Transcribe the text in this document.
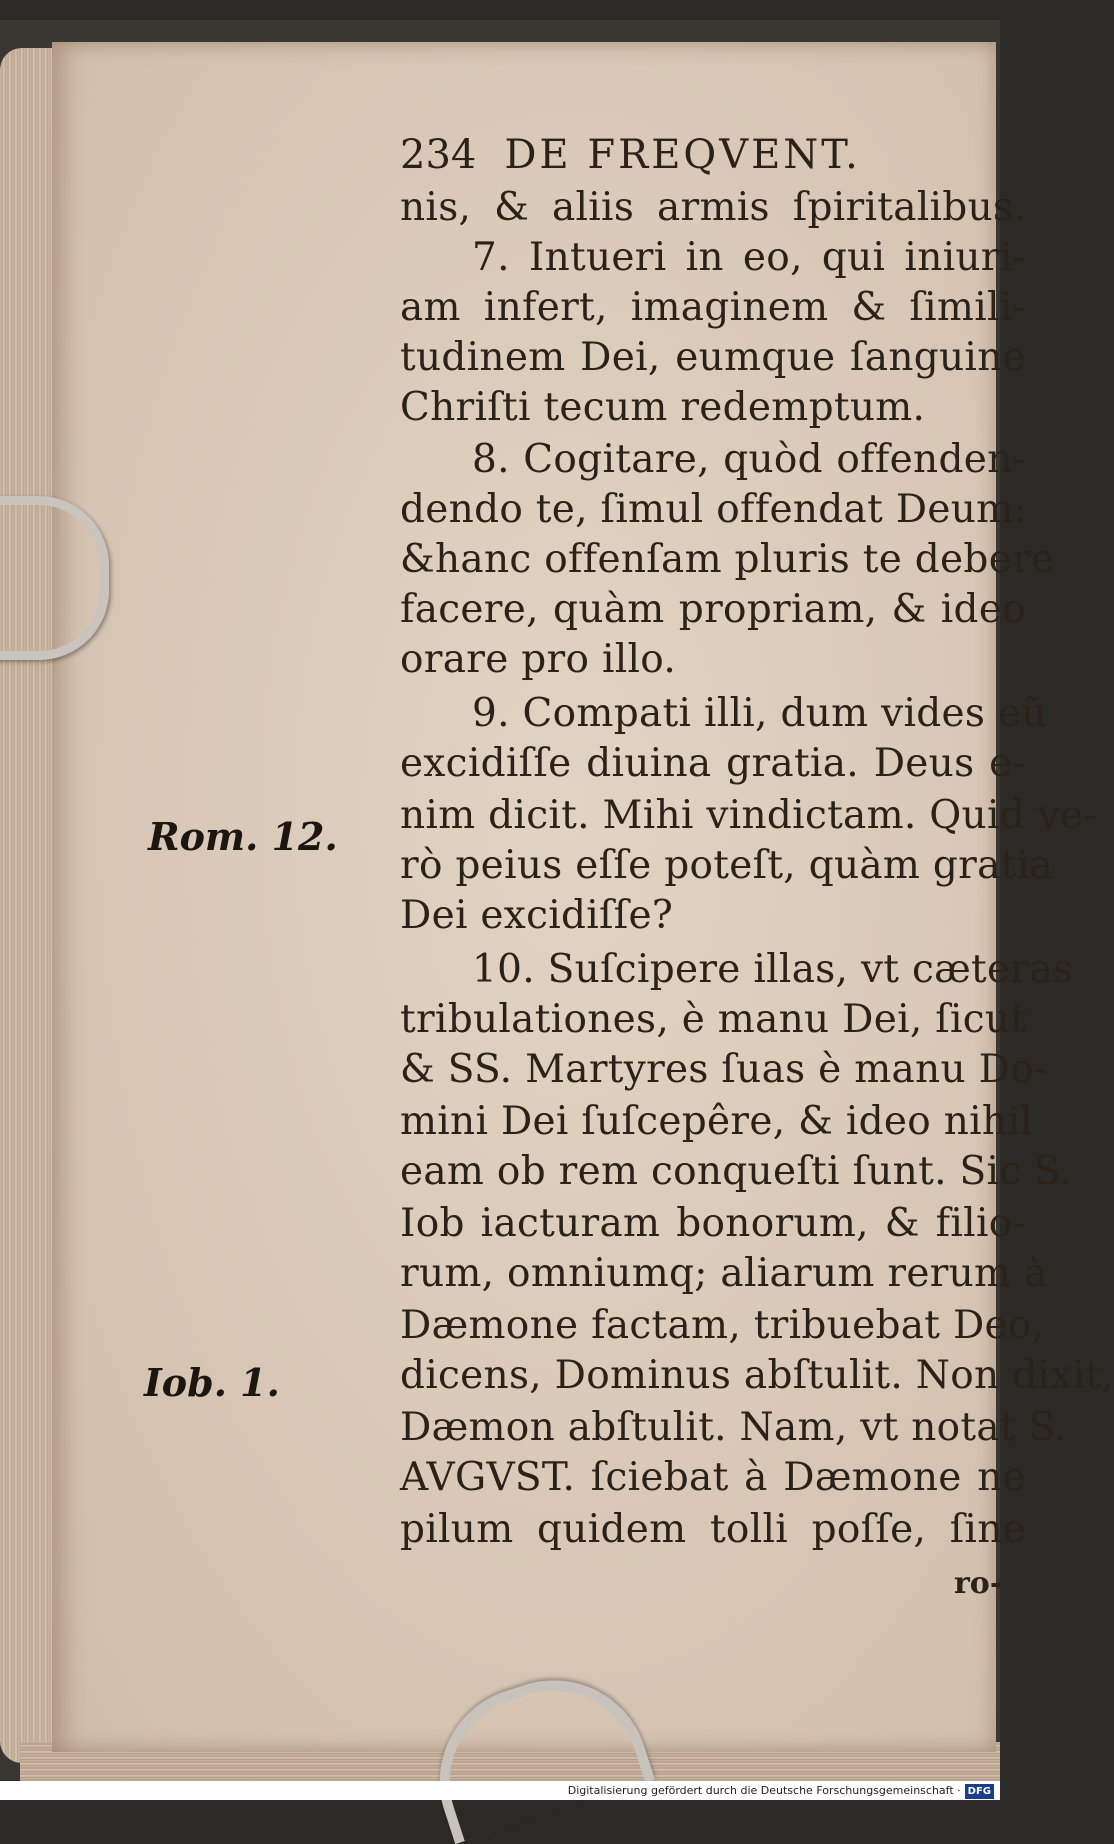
234 DE FREQVENT.
nis, & aliis armis ſpiritalibus.
7. Intueri in eo, qui iniuri-
am infert, imaginem & ſimili-
tudinem Dei, eumque ſanguine
Chriſti tecum redemptum.
8. Cogitare, quòd offenden-
dendo te, ſimul offendat Deum:
&hanc offenſam pluris te debere
facere, quàm propriam, & ideo
orare pro illo.
9. Compati illi, dum vides eũ
excidiſſe diuina gratia. Deus e-
nim dicit. Mihi vindictam. Quid ve-
rò peius eſſe poteſt, quàm gratia
Dei excidiſſe?
10. Suſcipere illas, vt cæteras
tribulationes, è manu Dei, ſicut
& SS. Martyres ſuas è manu Do-
mini Dei ſuſcepêre, & ideo nihil
eam ob rem conqueſti ſunt. Sic S.
Iob iacturam bonorum, & filio-
rum, omniumq; aliarum rerum à
Dæmone factam, tribuebat Deo,
dicens, Dominus abſtulit. Non dixit,
Dæmon abſtulit. Nam, vt notat S.
AVGVST. ſciebat à Dæmone ne
pilum quidem tolli poſſe, ſine
ro-
Rom. 12.
Iob. 1.
Digitalisierung gefördert durch die Deutsche Forschungsgemeinschaft · DFG
